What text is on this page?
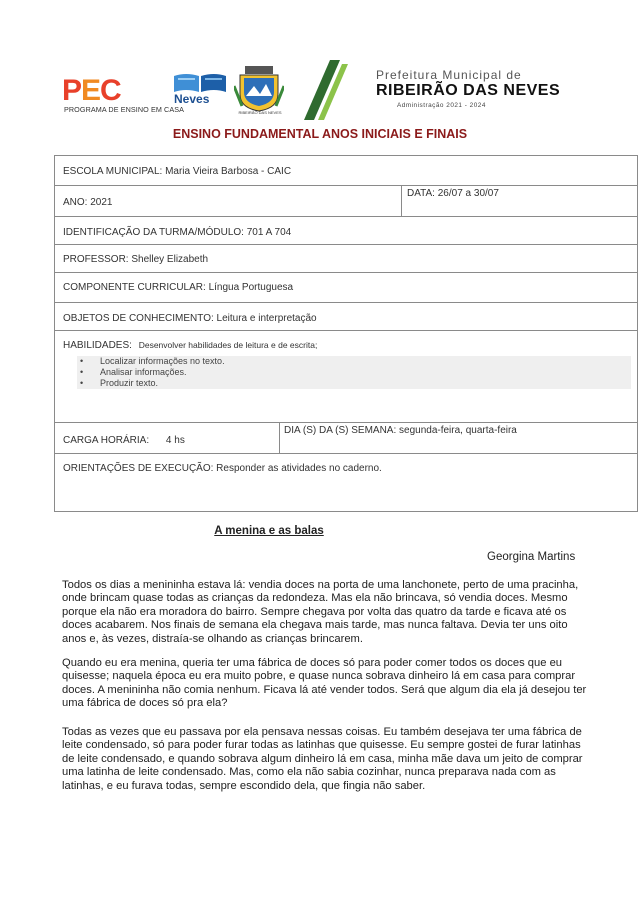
PEC	Neves
PROGRAMA DE ENSINO EM CASA	RIBEIRÃO DAS NEVES
Prefeitura Municipal de
RIBEIRÃO DAS NEVES
Administração 2021 - 2024
ENSINO FUNDAMENTAL ANOS INICIAIS E FINAIS
ESCOLA MUNICIPAL: Maria Vieira Barbosa - CAIC
ANO: 2021
DATA: 26/07 a 30/07
IDENTIFICAÇÃO DA TURMA/MÓDULO: 701 A 704
PROFESSOR: Shelley Elizabeth
COMPONENTE CURRICULAR: Língua Portuguesa
OBJETOS DE CONHECIMENTO: Leitura e interpretação
HABILIDADES: Desenvolver habilidades de leitura e de escrita;
• Localizar informações no texto.
• Analisar informações.
• Produzir texto.
CARGA HORÁRIA: 4 hs
DIA (S) DA (S) SEMANA: segunda-feira, quarta-feira
ORIENTAÇÕES DE EXECUÇÃO: Responder as atividades no caderno.
A menina e as balas
Georgina Martins

Todos os dias a menininha estava lá: vendia doces na porta de uma lanchonete, perto de uma pracinha, onde brincam quase todas as crianças da redondeza. Mas ela não brincava, só vendia doces. Mesmo porque ela não era moradora do bairro. Sempre chegava por volta das quatro da tarde e ficava até os doces acabarem. Nos finais de semana ela chegava mais tarde, mas nunca faltava. Devia ter uns oito anos e, às vezes, distraía-se olhando as crianças brincarem.

Quando eu era menina, queria ter uma fábrica de doces só para poder comer todos os doces que eu quisesse; naquela época eu era muito pobre, e quase nunca sobrava dinheiro lá em casa para comprar doces. A menininha não comia nenhum. Ficava lá até vender todos. Será que algum dia ela já desejou ter uma fábrica de doces só pra ela?

Todas as vezes que eu passava por ela pensava nessas coisas. Eu também desejava ter uma fábrica de leite condensado, só para poder furar todas as latinhas que quisesse. Eu sempre gostei de furar latinhas de leite condensado, e quando sobrava algum dinheiro lá em casa, minha mãe dava um jeito de comprar uma latinha de leite condensado. Mas, como ela não sabia cozinhar, nunca preparava nada com as latinhas, e eu furava todas, sempre escondido dela, que fingia não saber.
